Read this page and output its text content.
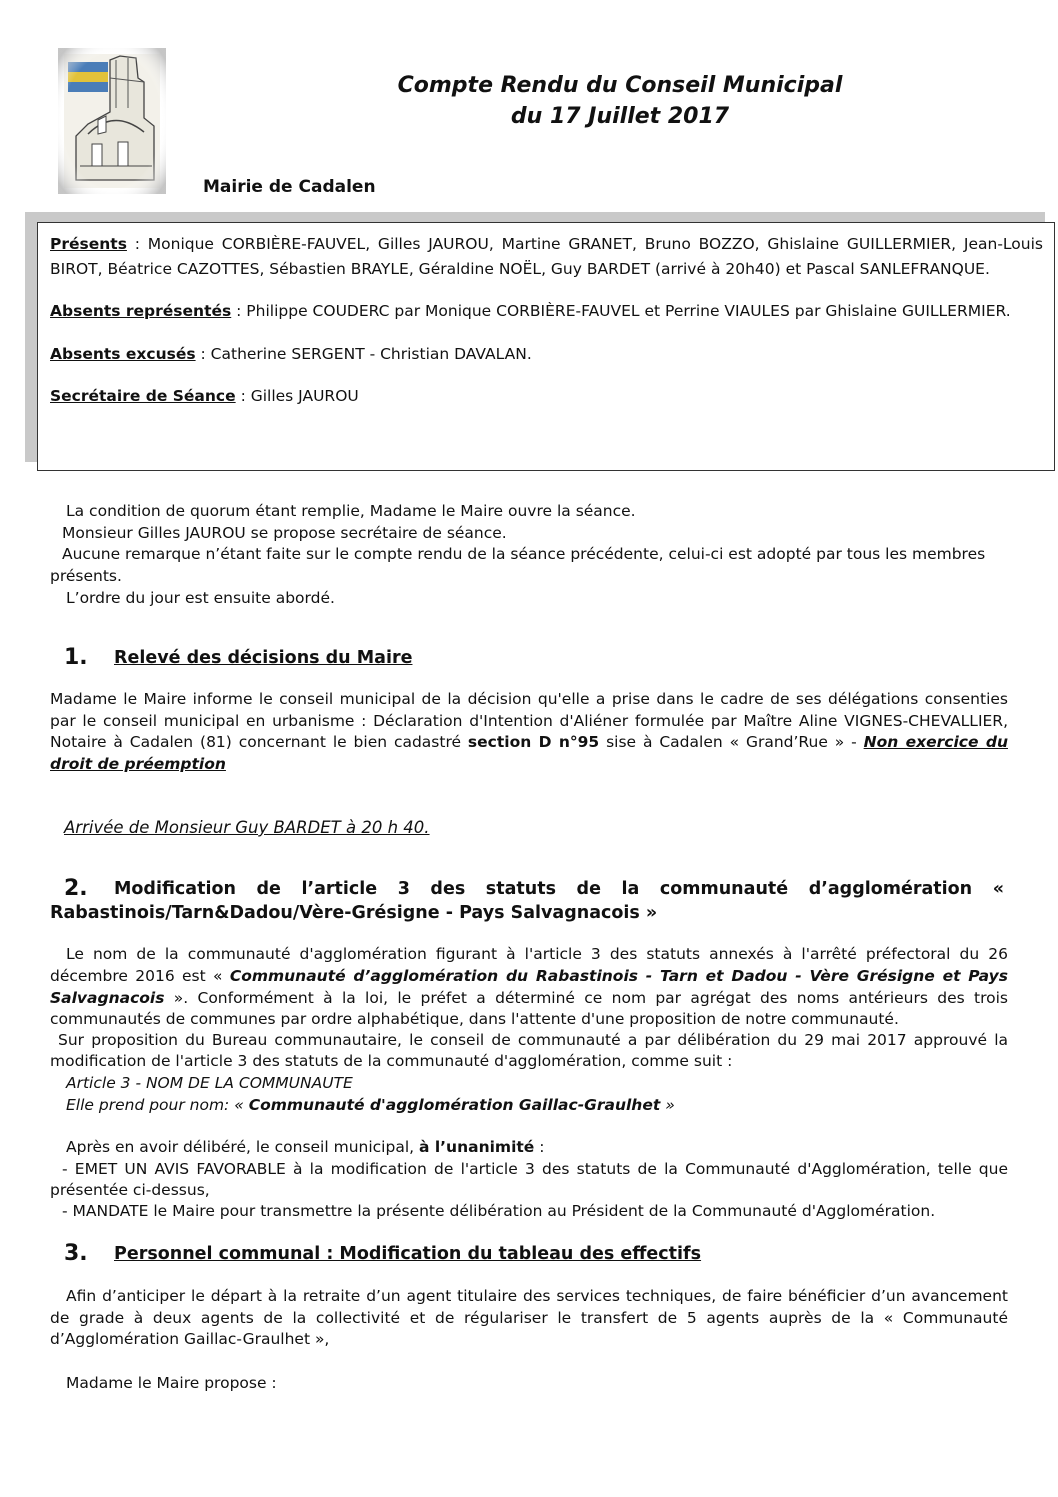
Compte Rendu du Conseil Municipal
du 17 Juillet 2017
Mairie de Cadalen
Présents : Monique CORBIÈRE-FAUVEL, Gilles JAUROU, Martine GRANET, Bruno BOZZO, Ghislaine GUILLERMIER, Jean-Louis
BIROT, Béatrice CAZOTTES, Sébastien BRAYLE, Géraldine NOËL, Guy BARDET (arrivé à 20h40) et Pascal SANLEFRANQUE.
Absents représentés : Philippe COUDERC par Monique CORBIÈRE-FAUVEL et Perrine VIAULES par Ghislaine GUILLERMIER.
Absents excusés : Catherine SERGENT - Christian DAVALAN.
Secrétaire de Séance : Gilles JAUROU
La condition de quorum étant remplie, Madame le Maire ouvre la séance.
Monsieur Gilles JAUROU se propose secrétaire de séance.
Aucune remarque n’étant faite sur le compte rendu de la séance précédente, celui-ci est adopté par tous les membres
présents.
L’ordre du jour est ensuite abordé.
1. Relevé des décisions du Maire
Madame le Maire informe le conseil municipal de la décision qu'elle a prise dans le cadre de ses délégations consenties
par le conseil municipal en urbanisme : Déclaration d'Intention d'Aliéner formulée par Maître Aline VIGNES-CHEVALLIER,
Notaire à Cadalen (81) concernant le bien cadastré section D n°95 sise à Cadalen « Grand’Rue » - Non exercice du
droit de préemption
Arrivée de Monsieur Guy BARDET à 20 h 40.
2. Modification de l’article 3 des statuts de la communauté d’agglomération «
Rabastinois/Tarn&Dadou/Vère-Grésigne - Pays Salvagnacois »
Le nom de la communauté d'agglomération figurant à l'article 3 des statuts annexés à l'arrêté préfectoral du 26
décembre 2016 est « Communauté d’agglomération du Rabastinois - Tarn et Dadou - Vère Grésigne et Pays
Salvagnacois ». Conformément à la loi, le préfet a déterminé ce nom par agrégat des noms antérieurs des trois
communautés de communes par ordre alphabétique, dans l'attente d'une proposition de notre communauté.
Sur proposition du Bureau communautaire, le conseil de communauté a par délibération du 29 mai 2017 approuvé la
modification de l'article 3 des statuts de la communauté d'agglomération, comme suit :
Article 3 - NOM DE LA COMMUNAUTE
Elle prend pour nom: « Communauté d'agglomération Gaillac-Graulhet »
Après en avoir délibéré, le conseil municipal, à l’unanimité :
- EMET UN AVIS FAVORABLE à la modification de l'article 3 des statuts de la Communauté d'Agglomération, telle que
présentée ci-dessus,
- MANDATE le Maire pour transmettre la présente délibération au Président de la Communauté d'Agglomération.
3. Personnel communal : Modification du tableau des effectifs
Afin d’anticiper le départ à la retraite d’un agent titulaire des services techniques, de faire bénéficier d’un avancement
de grade à deux agents de la collectivité et de régulariser le transfert de 5 agents auprès de la « Communauté
d’Agglomération Gaillac-Graulhet »,
Madame le Maire propose :
